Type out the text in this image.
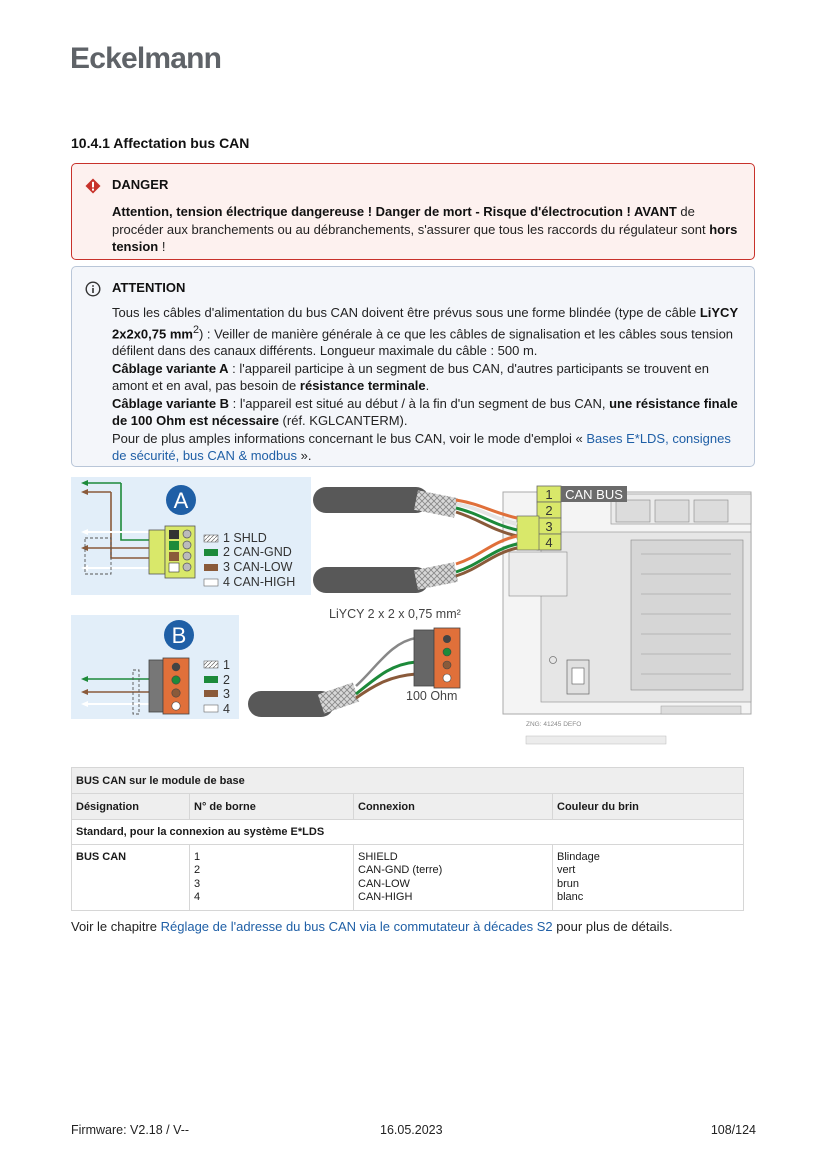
Eckelmann
10.4.1 Affectation bus CAN
DANGER
Attention, tension électrique dangereuse ! Danger de mort - Risque d'électrocution ! AVANT de procéder aux branchements ou au débranchements, s'assurer que tous les raccords du régulateur sont hors tension !
ATTENTION

Tous les câbles d'alimentation du bus CAN doivent être prévus sous une forme blindée (type de câble LiYCY 2x2x0,75 $mm^2$) : Veiller de manière générale à ce que les câbles de signalisation et les câbles sous tension défilent dans des canaux différents. Longueur maximale du câble : 500 m.

Câblage variante A : l'appareil participe à un segment de bus CAN, d'autres participants se trouvent en amont et en aval, pas besoin de résistance terminale.

Câblage variante B : l'appareil est situé au début / à la fin d'un segment de bus CAN, une résistance finale de 100 Ohm est nécessaire (réf. KGLCANTERM).

Pour de plus amples informations concernant le bus CAN, voir le mode d'emploi « Bases E*LDS, consignes de sécurité, bus CAN & modbus ».

A
1 SHLD
2 CAN-GND
3 CAN-LOW
4 CAN-HIGH
B
1
2
3
4
ZNG: 41245 DEFO
1
2
3
4
CAN BUS
LiYCY 2 x 2 x 0,75 mm²
100 Ohm
BUS CAN sur le module de base			
Désignation	N° de borne	Connexion	Couleur du brin
Standard, pour la connexion au système E*LDS			
BUS CAN	1
2
3
4	SHIELD
CAN-GND (terre)
CAN-LOW
CAN-HIGH	Blindage
vert
brun
blanc
Voir le chapitre Réglage de l'adresse du bus CAN via le commutateur à décades S2 pour plus de détails.
Firmware: V2.18 / V--	16.05.2023	108/124
